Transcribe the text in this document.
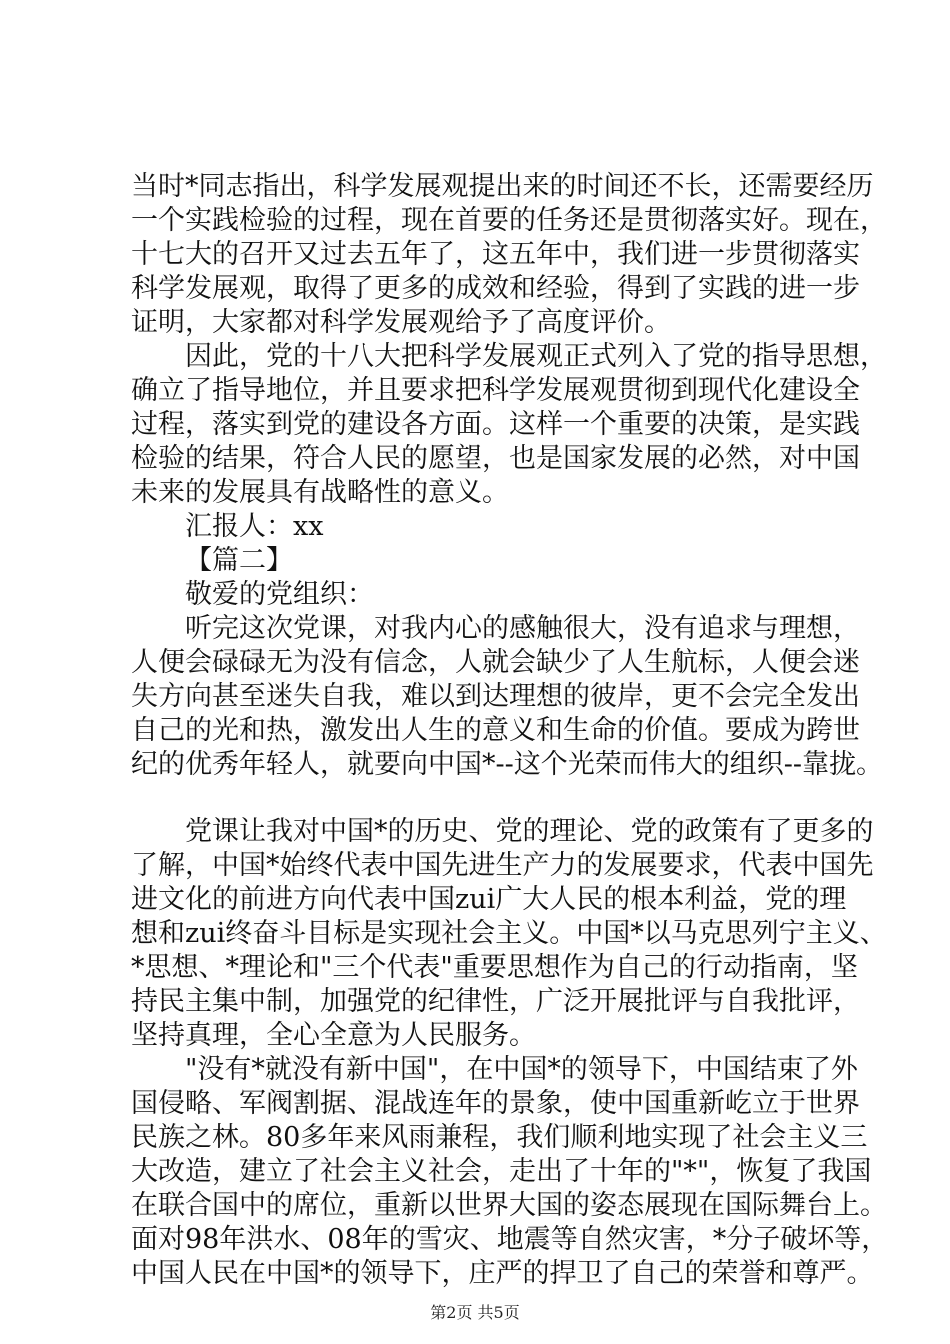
当时*同志指出，科学发展观提出来的时间还不长，还需要经历
一个实践检验的过程，现在首要的任务还是贯彻落实好。现在，
十七大的召开又过去五年了，这五年中，我们进一步贯彻落实
科学发展观，取得了更多的成效和经验，得到了实践的进一步
证明，大家都对科学发展观给予了高度评价。
因此，党的十八大把科学发展观正式列入了党的指导思想，
确立了指导地位，并且要求把科学发展观贯彻到现代化建设全
过程，落实到党的建设各方面。这样一个重要的决策，是实践
检验的结果，符合人民的愿望，也是国家发展的必然，对中国
未来的发展具有战略性的意义。
汇报人：xx
【篇二】
敬爱的党组织：
听完这次党课，对我内心的感触很大，没有追求与理想，
人便会碌碌无为没有信念，人就会缺少了人生航标，人便会迷
失方向甚至迷失自我，难以到达理想的彼岸，更不会完全发出
自己的光和热，激发出人生的意义和生命的价值。要成为跨世
纪的优秀年轻人，就要向中国*--这个光荣而伟大的组织--靠拢。
党课让我对中国*的历史、党的理论、党的政策有了更多的
了解，中国*始终代表中国先进生产力的发展要求，代表中国先
进文化的前进方向代表中国zui广大人民的根本利益，党的理
想和zui终奋斗目标是实现社会主义。中国*以马克思列宁主义、
*思想、*理论和"三个代表"重要思想作为自己的行动指南，坚
持民主集中制，加强党的纪律性，广泛开展批评与自我批评，
坚持真理，全心全意为人民服务。
"没有*就没有新中国"，在中国*的领导下，中国结束了外
国侵略、军阀割据、混战连年的景象，使中国重新屹立于世界
民族之林。80多年来风雨兼程，我们顺利地实现了社会主义三
大改造，建立了社会主义社会，走出了十年的"*"，恢复了我国
在联合国中的席位，重新以世界大国的姿态展现在国际舞台上。
面对98年洪水、08年的雪灾、地震等自然灾害，*分子破坏等，
中国人民在中国*的领导下，庄严的捍卫了自己的荣誉和尊严。
第2页 共5页
